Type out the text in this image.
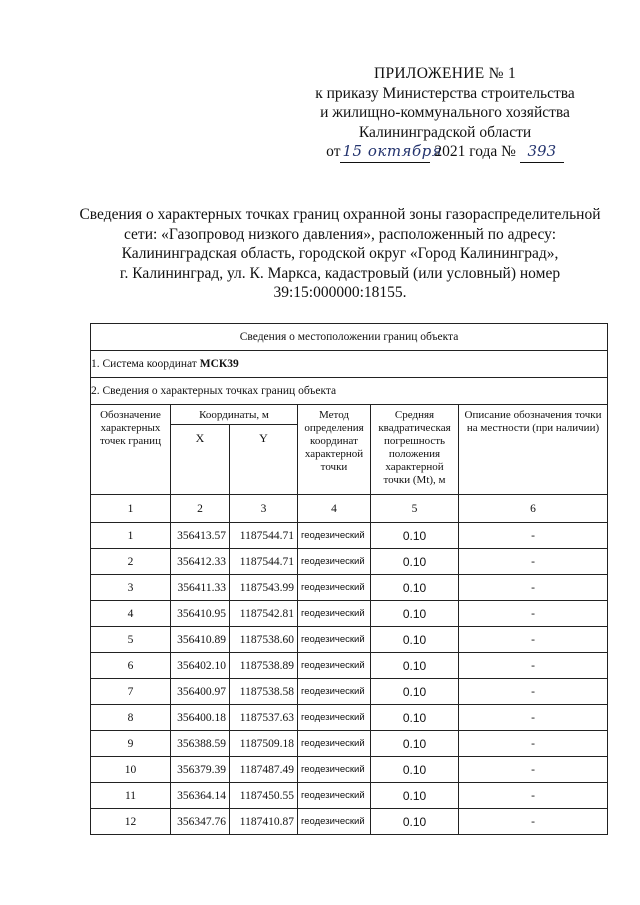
ПРИЛОЖЕНИЕ № 1
к приказу Министерства строительства
и жилищно-коммунального хозяйства
Калининградской области
от 15 октября 2021 года № 393
Сведения о характерных точках границ охранной зоны газораспределительной
сети: «Газопровод низкого давления», расположенный по адресу:
Калининградская область, городской округ «Город Калининград»,
г. Калининград, ул. К. Маркса, кадастровый (или условный) номер
39:15:000000:18155.
Сведения о местоположении границ объекта					
1. Система координат МСК39					
2. Сведения о характерных точках границ объекта					
Обозначение характерных точек границ	Координаты, м		Метод определения координат характерной точки	Средняя квадратическая погрешность положения характерной точки (Mt), м	Описание обозначения точки на местности (при наличии)
	X	Y			
1	2	3	4	5	6
1	356413.57	1187544.71	геодезический	0.10	-
2	356412.33	1187544.71	геодезический	0.10	-
3	356411.33	1187543.99	геодезический	0.10	-
4	356410.95	1187542.81	геодезический	0.10	-
5	356410.89	1187538.60	геодезический	0.10	-
6	356402.10	1187538.89	геодезический	0.10	-
7	356400.97	1187538.58	геодезический	0.10	-
8	356400.18	1187537.63	геодезический	0.10	-
9	356388.59	1187509.18	геодезический	0.10	-
10	356379.39	1187487.49	геодезический	0.10	-
11	356364.14	1187450.55	геодезический	0.10	-
12	356347.76	1187410.87	геодезический	0.10	-
